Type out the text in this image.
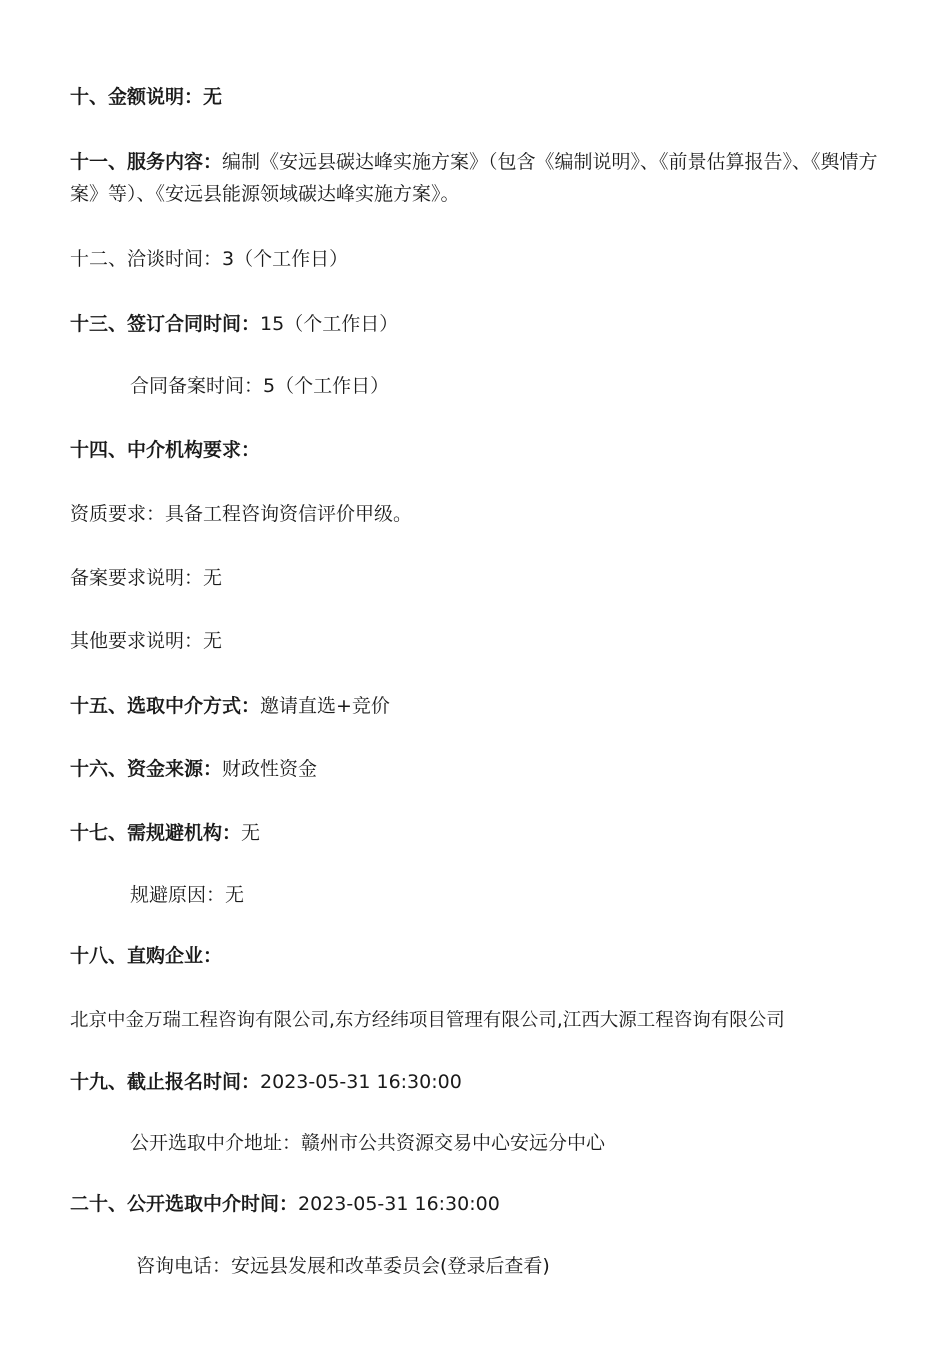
十、金额说明：无
十一、服务内容：编制《安远县碳达峰实施方案》（包含《编制说明》、《前景估算报告》、《舆情方案》等）、《安远县能源领域碳达峰实施方案》。
十二、洽谈时间：3（个工作日）
十三、签订合同时间：15（个工作日）
合同备案时间：5（个工作日）
十四、中介机构要求：
资质要求：具备工程咨询资信评价甲级。
备案要求说明：无
其他要求说明：无
十五、选取中介方式：邀请直选+竞价
十六、资金来源：财政性资金
十七、需规避机构：无
规避原因：无
十八、直购企业：
北京中金万瑞工程咨询有限公司,东方经纬项目管理有限公司,江西大源工程咨询有限公司
十九、截止报名时间：2023-05-31 16:30:00
公开选取中介地址：赣州市公共资源交易中心安远分中心
二十、公开选取中介时间：2023-05-31 16:30:00
咨询电话：安远县发展和改革委员会(登录后查看)
